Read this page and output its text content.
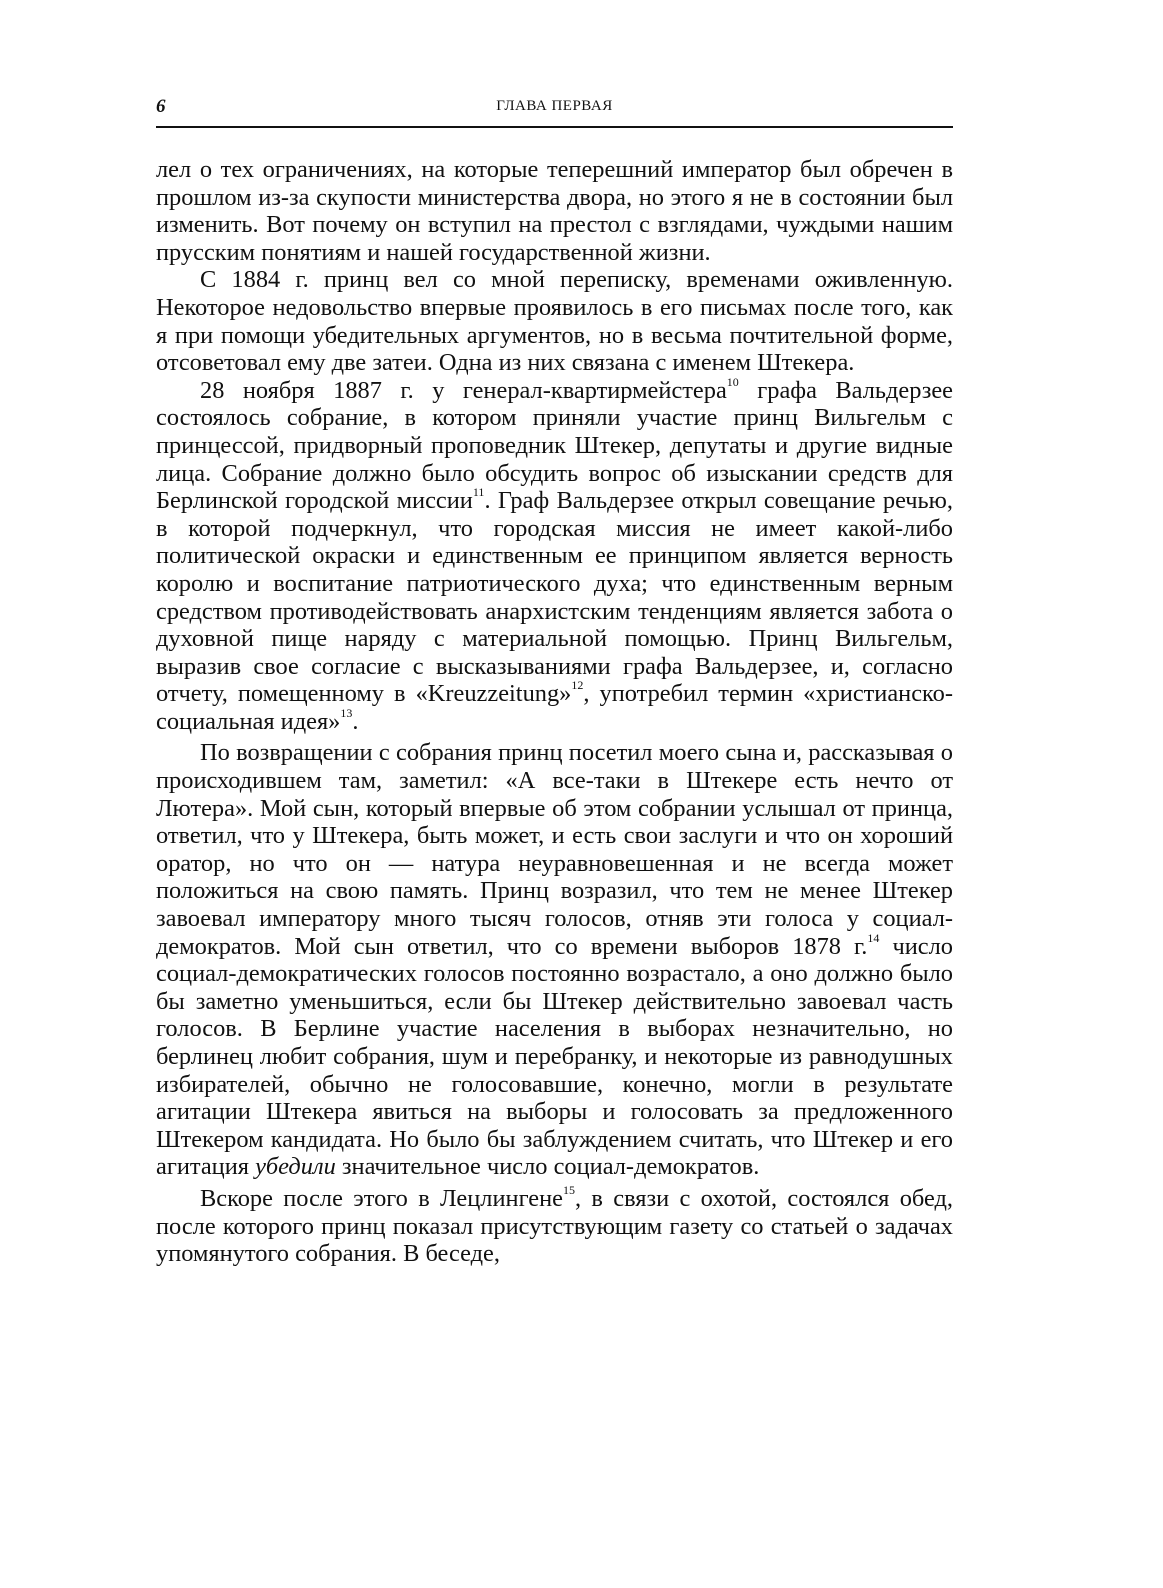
6	ГЛАВА ПЕРВАЯ

лел о тех ограничениях, на которые теперешний император был обречен в прошлом из-за скупости министерства двора, но этого я не в состоянии был изменить. Вот почему он вступил на престол с взглядами, чуждыми нашим прусским понятиям и нашей государственной жизни.

С 1884 г. принц вел со мной переписку, временами оживленную. Некоторое недовольство впервые проявилось в его письмах после того, как я при помощи убедительных аргументов, но в весьма почтительной форме, отсоветовал ему две затеи. Одна из них связана с именем Штекера.

28 ноября 1887 г. у генерал-квартирмейстера$^{10}$ графа Вальдерзее состоялось собрание, в котором приняли участие принц Вильгельм с принцессой, придворный проповедник Штекер, депутаты и другие видные лица. Собрание должно было обсудить вопрос об изыскании средств для Берлинской городской миссии$^{11}$. Граф Вальдерзее открыл совещание речью, в которой подчеркнул, что городская миссия не имеет какой-либо политической окраски и единственным ее принципом является верность королю и воспитание патриотического духа; что единственным верным средством противодействовать анархистским тенденциям является забота о духовной пище наряду с материальной помощью. Принц Вильгельм, выразив свое согласие с высказываниями графа Вальдерзее, и, согласно отчету, помещенному в «Kreuzzeitung»$^{12}$, употребил термин «христианско-социальная идея»$^{13}$.

По возвращении с собрания принц посетил моего сына и, рассказывая о происходившем там, заметил: «А все-таки в Штекере есть нечто от Лютера». Мой сын, который впервые об этом собрании услышал от принца, ответил, что у Штекера, быть может, и есть свои заслуги и что он хороший оратор, но что он — натура неуравновешенная и не всегда может положиться на свою память. Принц возразил, что тем не менее Штекер завоевал императору много тысяч голосов, отняв эти голоса у социал-демократов. Мой сын ответил, что со времени выборов 1878 г.$^{14}$ число социал-демократических голосов постоянно возрастало, а оно должно было бы заметно уменьшиться, если бы Штекер действительно завоевал часть голосов. В Берлине участие населения в выборах незначительно, но берлинец любит собрания, шум и перебранку, и некоторые из равнодушных избирателей, обычно не голосовавшие, конечно, могли в результате агитации Штекера явиться на выборы и голосовать за предложенного Штекером кандидата. Но было бы заблуждением считать, что Штекер и его агитация убедили значительное число социал-демократов.

Вскоре после этого в Лецлингене$^{15}$, в связи с охотой, состоялся обед, после которого принц показал присутствующим газету со статьей о задачах упомянутого собрания. В беседе,
